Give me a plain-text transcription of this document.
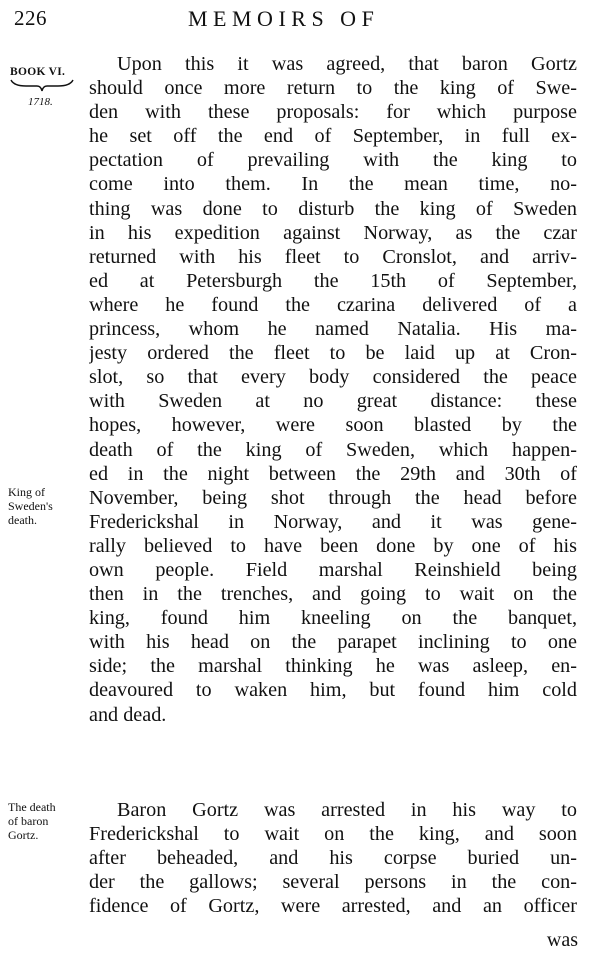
226	MEMOIRS OF
BOOK VI.
1718.
King of
Sweden's
death.
The death
of baron
Gortz.
Upon this it was agreed, that baron Gortz
should once more return to the king of Swe-
den with these proposals: for which purpose
he set off the end of September, in full ex-
pectation of prevailing with the king to
come into them. In the mean time, no-
thing was done to disturb the king of Sweden
in his expedition against Norway, as the czar
returned with his fleet to Cronslot, and arriv-
ed at Petersburgh the 15th of September,
where he found the czarina delivered of a
princess, whom he named Natalia. His ma-
jesty ordered the fleet to be laid up at Cron-
slot, so that every body considered the peace
with Sweden at no great distance: these
hopes, however, were soon blasted by the
death of the king of Sweden, which happen-
ed in the night between the 29th and 30th of
November, being shot through the head before
Frederickshal in Norway, and it was gene-
rally believed to have been done by one of his
own people. Field marshal Reinshield being
then in the trenches, and going to wait on the
king, found him kneeling on the banquet,
with his head on the parapet inclining to one
side; the marshal thinking he was asleep, en-
deavoured to waken him, but found him cold
and dead.
Baron Gortz was arrested in his way to
Frederickshal to wait on the king, and soon
after beheaded, and his corpse buried un-
der the gallows; several persons in the con-
fidence of Gortz, were arrested, and an officer
was
